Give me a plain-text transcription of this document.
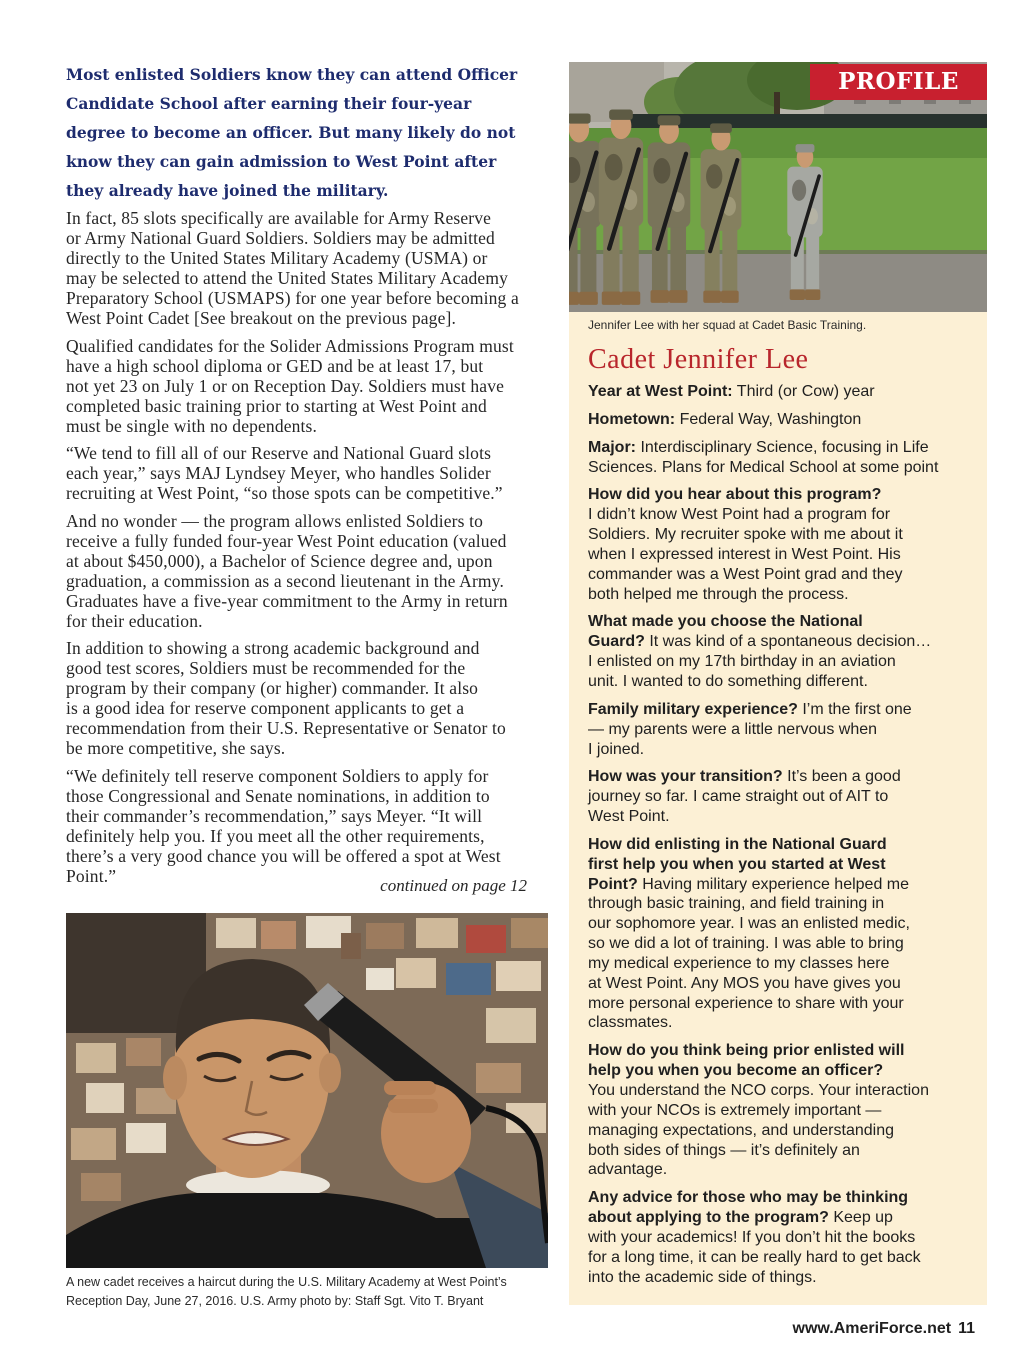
Most enlisted Soldiers know they can attend Officer
Candidate School after earning their four-year
degree to become an officer. But many likely do not
know they can gain admission to West Point after
they already have joined the military.

In fact, 85 slots specifically are available for Army Reserve
or Army National Guard Soldiers. Soldiers may be admitted
directly to the United States Military Academy (USMA) or
may be selected to attend the United States Military Academy
Preparatory School (USMAPS) for one year before becoming a
West Point Cadet [See breakout on the previous page].

Qualified candidates for the Solider Admissions Program must
have a high school diploma or GED and be at least 17, but
not yet 23 on July 1 or on Reception Day. Soldiers must have
completed basic training prior to starting at West Point and
must be single with no dependents.

“We tend to fill all of our Reserve and National Guard slots
each year,” says MAJ Lyndsey Meyer, who handles Solider
recruiting at West Point, “so those spots can be competitive.”

And no wonder — the program allows enlisted Soldiers to
receive a fully funded four-year West Point education (valued
at about $450,000), a Bachelor of Science degree and, upon
graduation, a commission as a second lieutenant in the Army.
Graduates have a five-year commitment to the Army in return
for their education.

In addition to showing a strong academic background and
good test scores, Soldiers must be recommended for the
program by their company (or higher) commander. It also
is a good idea for reserve component applicants to get a
recommendation from their U.S. Representative or Senator to
be more competitive, she says.

“We definitely tell reserve component Soldiers to apply for
those Congressional and Senate nominations, in addition to
their commander’s recommendation,” says Meyer. “It will
definitely help you. If you meet all the other requirements,
there’s a very good chance you will be offered a spot at West
Point.”	continued on page 12
A new cadet receives a haircut during the U.S. Military Academy at West Point’s
Reception Day, June 27, 2016. U.S. Army photo by: Staff Sgt. Vito T. Bryant
PROFILE
Jennifer Lee with her squad at Cadet Basic Training.
Cadet Jennifer Lee
Year at West Point: Third (or Cow) year
Hometown: Federal Way, Washington
Major: Interdisciplinary Science, focusing in Life
Sciences. Plans for Medical School at some point
How did you hear about this program?
I didn’t know West Point had a program for
Soldiers. My recruiter spoke with me about it
when I expressed interest in West Point. His
commander was a West Point grad and they
both helped me through the process.
What made you choose the National
Guard? It was kind of a spontaneous decision…
I enlisted on my 17th birthday in an aviation
unit. I wanted to do something different.
Family military experience? I’m the first one
— my parents were a little nervous when
I joined.
How was your transition? It’s been a good
journey so far. I came straight out of AIT to
West Point.
How did enlisting in the National Guard
first help you when you started at West
Point? Having military experience helped me
through basic training, and field training in
our sophomore year. I was an enlisted medic,
so we did a lot of training. I was able to bring
my medical experience to my classes here
at West Point. Any MOS you have gives you
more personal experience to share with your
classmates.
How do you think being prior enlisted will
help you when you become an officer?
You understand the NCO corps. Your interaction
with your NCOs is extremely important —
managing expectations, and understanding
both sides of things — it’s definitely an
advantage.
Any advice for those who may be thinking
about applying to the program? Keep up
with your academics! If you don’t hit the books
for a long time, it can be really hard to get back
into the academic side of things.
www.AmeriForce.net 11
